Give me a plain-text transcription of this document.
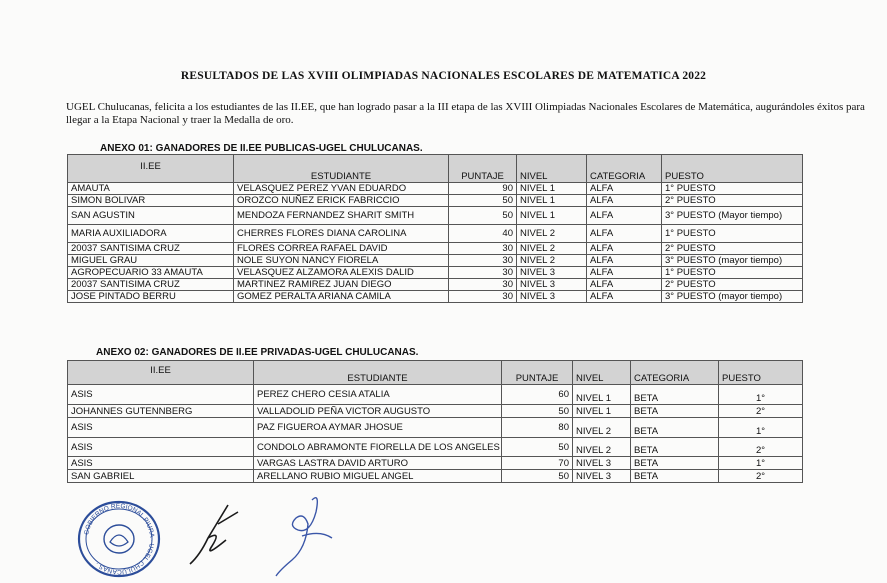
RESULTADOS DE LAS XVIII OLIMPIADAS NACIONALES ESCOLARES DE MATEMATICA 2022
UGEL Chulucanas, felicita a los estudiantes de las II.EE, que han logrado pasar a la III etapa de las XVIII Olimpiadas Nacionales Escolares de Matemática, augurándoles éxitos para llegar a la Etapa Nacional y traer la Medalla de oro.
ANEXO 01: GANADORES DE II.EE PUBLICAS-UGEL CHULUCANAS.
II.EE	ESTUDIANTE	PUNTAJE	NIVEL	CATEGORIA	PUESTO
AMAUTA	VELASQUEZ PEREZ YVAN EDUARDO	90	NIVEL 1	ALFA	1° PUESTO
SIMON BOLIVAR	OROZCO NUÑEZ ERICK FABRICCIO	50	NIVEL 1	ALFA	2° PUESTO
SAN AGUSTIN	MENDOZA FERNANDEZ SHARIT SMITH	50	NIVEL 1	ALFA	3° PUESTO (Mayor tiempo)
MARIA AUXILIADORA	CHERRES FLORES DIANA CAROLINA	40	NIVEL 2	ALFA	1° PUESTO
20037 SANTISIMA CRUZ	FLORES CORREA RAFAEL DAVID	30	NIVEL 2	ALFA	2° PUESTO
MIGUEL GRAU	NOLE SUYON NANCY FIORELA	30	NIVEL 2	ALFA	3° PUESTO (mayor tiempo)
AGROPECUARIO 33 AMAUTA	VELASQUEZ ALZAMORA ALEXIS DALID	30	NIVEL 3	ALFA	1° PUESTO
20037 SANTISIMA CRUZ	MARTINEZ RAMIREZ JUAN DIEGO	30	NIVEL 3	ALFA	2° PUESTO
JOSE PINTADO BERRU	GOMEZ PERALTA ARIANA CAMILA	30	NIVEL 3	ALFA	3° PUESTO (mayor tiempo)
ANEXO 02: GANADORES DE II.EE PRIVADAS-UGEL CHULUCANAS.
II.EE	ESTUDIANTE	PUNTAJE	NIVEL	CATEGORIA	PUESTO
ASIS	PEREZ CHERO CESIA ATALIA	60	NIVEL 1	BETA	1°
JOHANNES GUTENNBERG	VALLADOLID PEÑA VICTOR AUGUSTO	50	NIVEL 1	BETA	2°
ASIS	PAZ FIGUEROA AYMAR JHOSUE	80	NIVEL 2	BETA	1°
ASIS	CONDOLO ABRAMONTE FIORELLA DE LOS ANGELES	50	NIVEL 2	BETA	2°
ASIS	VARGAS LASTRA DAVID ARTURO	70	NIVEL 3	BETA	1°
SAN GABRIEL	ARELLANO RUBIO MIGUEL ANGEL	50	NIVEL 3	BETA	2°
GOBIERNO REGIONAL PIURA · UGEL CHULUCANAS ·
